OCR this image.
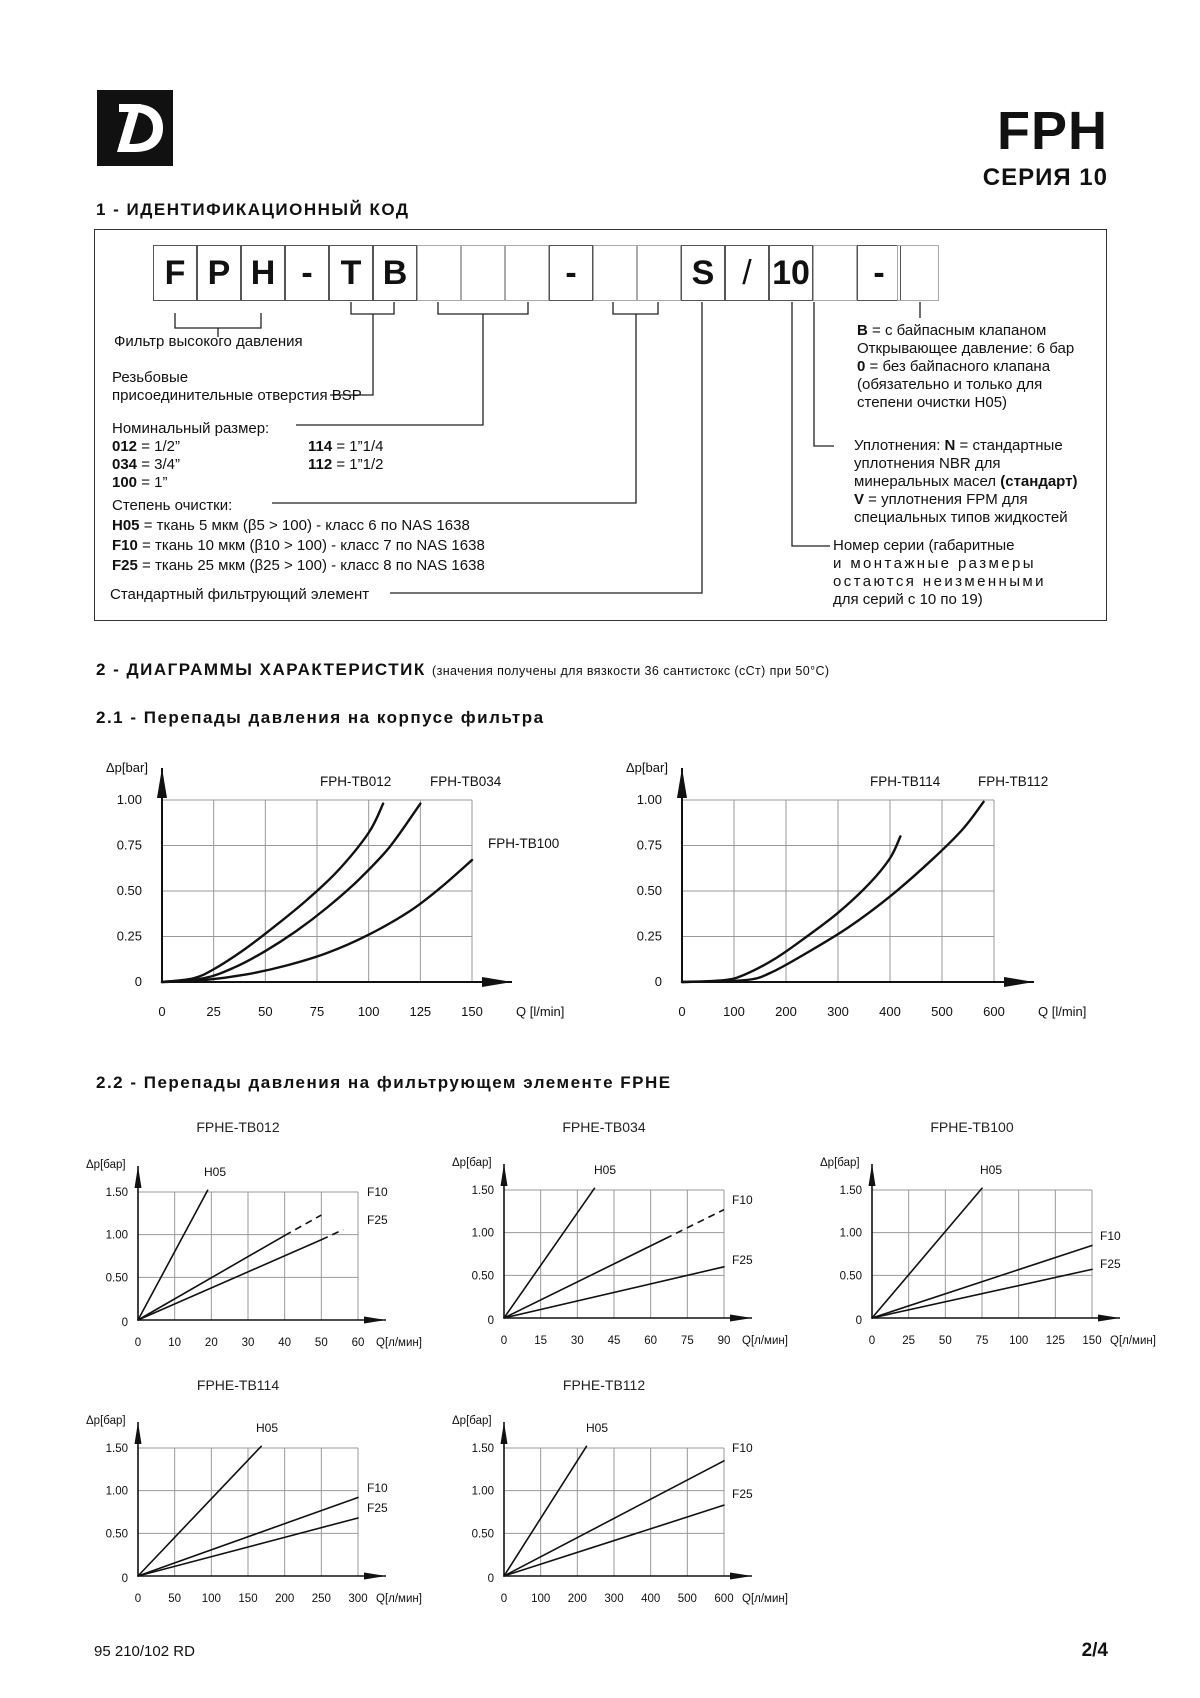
FPH
СЕРИЯ 10
1 - ИДЕНТИФИКАЦИОННЫЙ КОД
F P H - T B	-	S / 10	-
Фильтр высокого давления
Резьбовые
присоединительные отверстия BSP
Номинальный размер:
012 = 1/2”
034 = 3/4”
100 = 1”
114 = 1”1/4
112 = 1”1/2
Степень очистки:
H05 = ткань 5 мкм (β5 > 100) - класс 6 по NAS 1638
F10 = ткань 10 мкм (β10 > 100) - класс 7 по NAS 1638
F25 = ткань 25 мкм (β25 > 100) - класс 8 по NAS 1638
Стандартный фильтрующий элемент
B = с байпасным клапаном
Открывающее давление: 6 бар
0 = без байпасного клапана
(обязательно и только для
степени очистки H05)
Уплотнения: N = стандартные
уплотнения NBR для
минеральных масел (стандарт)
V = уплотнения FPM для
специальных типов жидкостей
Номер серии (габаритные
и монтажные размеры
остаются неизменными
для серий с 10 по 19)
2 - ДИАГРАММЫ ХАРАКТЕРИСТИК (значения получены для вязкости 36 сантистокс (сСт) при 50°C)
2.1 - Перепады давления на корпусе фильтра
2.2 - Перепады давления на фильтрующем элементе FPHE
Δp[bar]
Q [l/min]
0	25	50	75	100 125 150
0
0.25
0.50
0.75
1.00
FPH-TB012	FPH-TB034
FPH-TB100
Δp[bar]
Q [l/min]
0	100 200 300 400 500 600
0
0.25
0.50
0.75
1.00
FPH-TB114	FPH-TB112
FPHE-TB012
Δp[бар]
Q[л/мин]
0 10 20 30 40 50 60
0
0.50
1.00
1.50
H05
F10
F25
FPHE-TB034
Δp[бар]
Q[л/мин]
0 15 30 45 60 75 90
0
0.50
1.00
1.50
H05
F10
F25
FPHE-TB100
Δp[бар]
Q[л/мин]
0 25 50 75 100 125 150
0
0.50
1.00
1.50
H05
F10
F25
FPHE-TB114
Δp[бар]
Q[л/мин]
0 50 100 150 200 250 300
0
0.50
1.00
1.50
H05
F10
F25
FPHE-TB112
Δp[бар]
Q[л/мин]
0 100 200 300 400 500 600
0
0.50
1.00
1.50
H05
F10
F25
95 210/102 RD	2/4
